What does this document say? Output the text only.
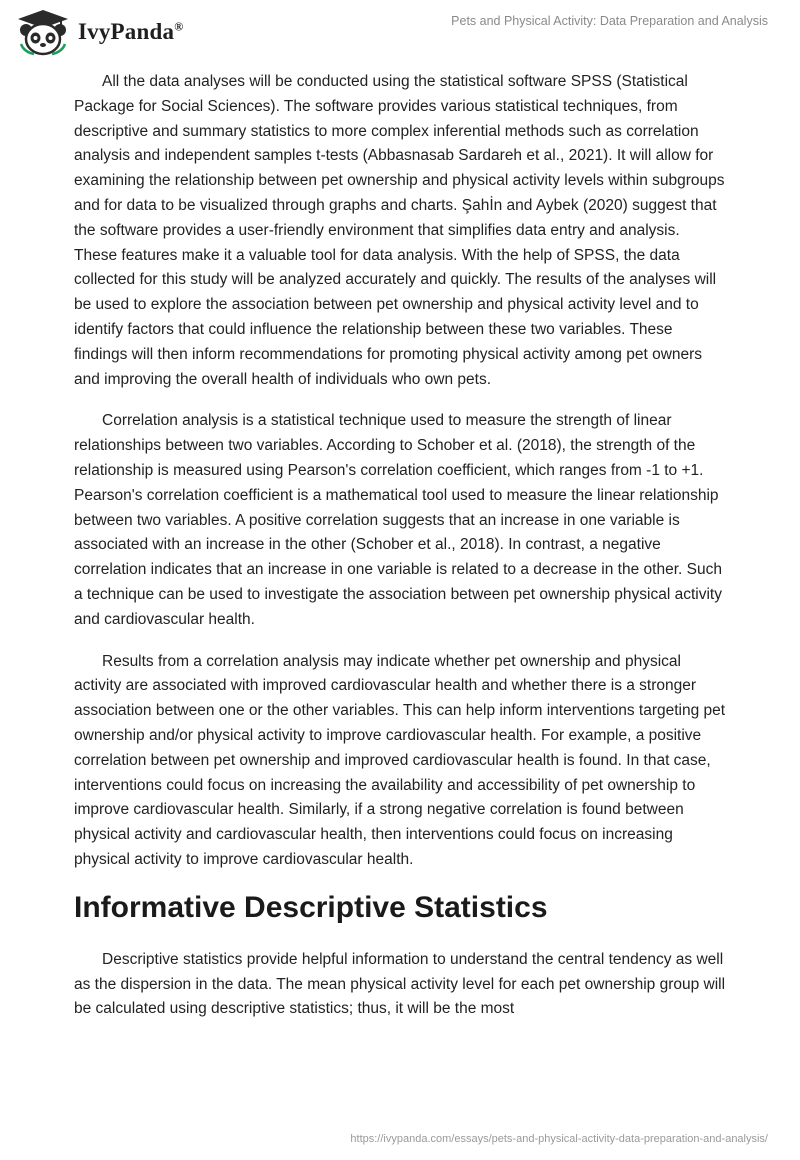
IvyPanda®	Pets and Physical Activity: Data Preparation and Analysis

All the data analyses will be conducted using the statistical software SPSS (Statistical Package for Social Sciences). The software provides various statistical techniques, from descriptive and summary statistics to more complex inferential methods such as correlation analysis and independent samples t-tests (Abbasnasab Sardareh et al., 2021). It will allow for examining the relationship between pet ownership and physical activity levels within subgroups and for data to be visualized through graphs and charts. Şahİn and Aybek (2020) suggest that the software provides a user-friendly environment that simplifies data entry and analysis. These features make it a valuable tool for data analysis. With the help of SPSS, the data collected for this study will be analyzed accurately and quickly. The results of the analyses will be used to explore the association between pet ownership and physical activity level and to identify factors that could influence the relationship between these two variables. These findings will then inform recommendations for promoting physical activity among pet owners and improving the overall health of individuals who own pets.

Correlation analysis is a statistical technique used to measure the strength of linear relationships between two variables. According to Schober et al. (2018), the strength of the relationship is measured using Pearson's correlation coefficient, which ranges from -1 to +1. Pearson's correlation coefficient is a mathematical tool used to measure the linear relationship between two variables. A positive correlation suggests that an increase in one variable is associated with an increase in the other (Schober et al., 2018). In contrast, a negative correlation indicates that an increase in one variable is related to a decrease in the other. Such a technique can be used to investigate the association between pet ownership physical activity and cardiovascular health.

Results from a correlation analysis may indicate whether pet ownership and physical activity are associated with improved cardiovascular health and whether there is a stronger association between one or the other variables. This can help inform interventions targeting pet ownership and/or physical activity to improve cardiovascular health. For example, a positive correlation between pet ownership and improved cardiovascular health is found. In that case, interventions could focus on increasing the availability and accessibility of pet ownership to improve cardiovascular health. Similarly, if a strong negative correlation is found between physical activity and cardiovascular health, then interventions could focus on increasing physical activity to improve cardiovascular health.

Informative Descriptive Statistics

Descriptive statistics provide helpful information to understand the central tendency as well as the dispersion in the data. The mean physical activity level for each pet ownership group will be calculated using descriptive statistics; thus, it will be the most

https://ivypanda.com/essays/pets-and-physical-activity-data-preparation-and-analysis/
